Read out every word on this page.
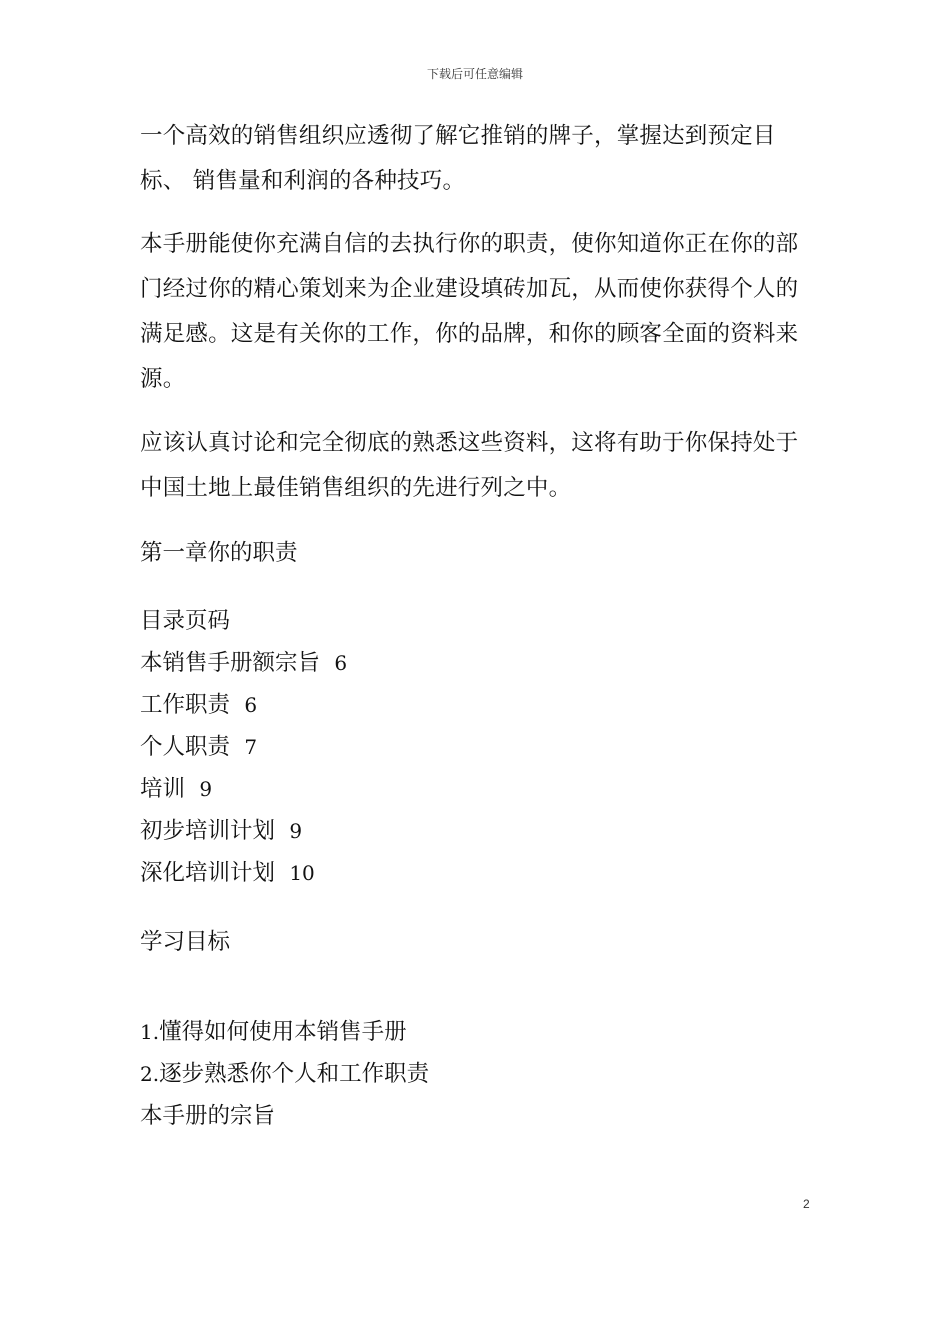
下载后可任意编辑

一个高效的销售组织应透彻了解它推销的牌子，掌握达到预定目标、 销售量和利润的各种技巧。

本手册能使你充满自信的去执行你的职责，使你知道你正在你的部门经过你的精心策划来为企业建设填砖加瓦，从而使你获得个人的满足感。这是有关你的工作，你的品牌，和你的顾客全面的资料来源。

应该认真讨论和完全彻底的熟悉这些资料，这将有助于你保持处于中国土地上最佳销售组织的先进行列之中。

第一章你的职责

目录页码

本销售手册额宗旨 6

工作职责 6

个人职责 7

培训 9

初步培训计划 9

深化培训计划 10

学习目标

1.懂得如何使用本销售手册

2.逐步熟悉你个人和工作职责

本手册的宗旨

2
